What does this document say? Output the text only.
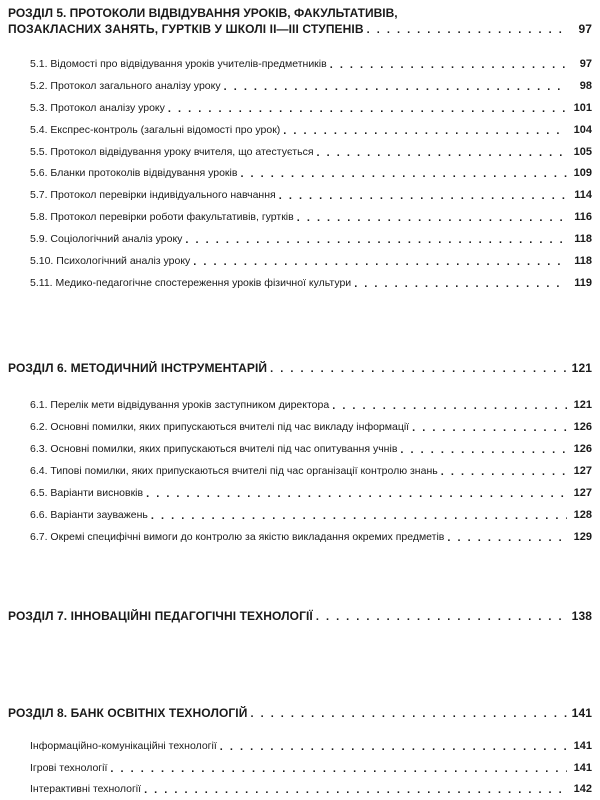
РОЗДІЛ 5. ПРОТОКОЛИ ВІДВІДУВАННЯ УРОКІВ, ФАКУЛЬТАТИВІВ,
ПОЗАКЛАСНИХ ЗАНЯТЬ, ГУРТКІВ У ШКОЛІ ІІ—ІІІ СТУПЕНІВ . . .	97
5.1. Відомості про відвідування уроків учителів-предметників . . .	97
5.2. Протокол загального аналізу уроку . . .	98
5.3. Протокол аналізу уроку . . .	101
5.4. Експрес-контроль (загальні відомості про урок) . . .	104
5.5. Протокол відвідування уроку вчителя, що атестується . . .	105
5.6. Бланки протоколів відвідування уроків . . .	109
5.7. Протокол перевірки індивідуального навчання . . .	114
5.8. Протокол перевірки роботи факультативів, гуртків . . .	116
5.9. Соціологічний аналіз уроку . . .	118
5.10. Психологічний аналіз уроку . . .	118
5.11. Медико-педагогічне спостереження уроків фізичної культури . . .	119
РОЗДІЛ 6. МЕТОДИЧНИЙ ІНСТРУМЕНТАРІЙ . . .	121
6.1. Перелік мети відвідування уроків заступником директора . . .	121
6.2. Основні помилки, яких припускаються вчителі під час викладу інформації . . .	126
6.3. Основні помилки, яких припускаються вчителі під час опитування учнів . . .	126
6.4. Типові помилки, яких припускаються вчителі під час організації контролю знань . . .	127
6.5. Варіанти висновків . . .	127
6.6. Варіанти зауважень . . .	128
6.7. Окремі специфічні вимоги до контролю за якістю викладання окремих предметів . . .	129
РОЗДІЛ 7. ІННОВАЦІЙНІ ПЕДАГОГІЧНІ ТЕХНОЛОГІЇ . . .	138
РОЗДІЛ 8. БАНК ОСВІТНІХ ТЕХНОЛОГІЙ . . .	141
Інформаційно-комунікаційні технології . . .	141
Ігрові технології . . .	141
Інтерактивні технології . . .	142
